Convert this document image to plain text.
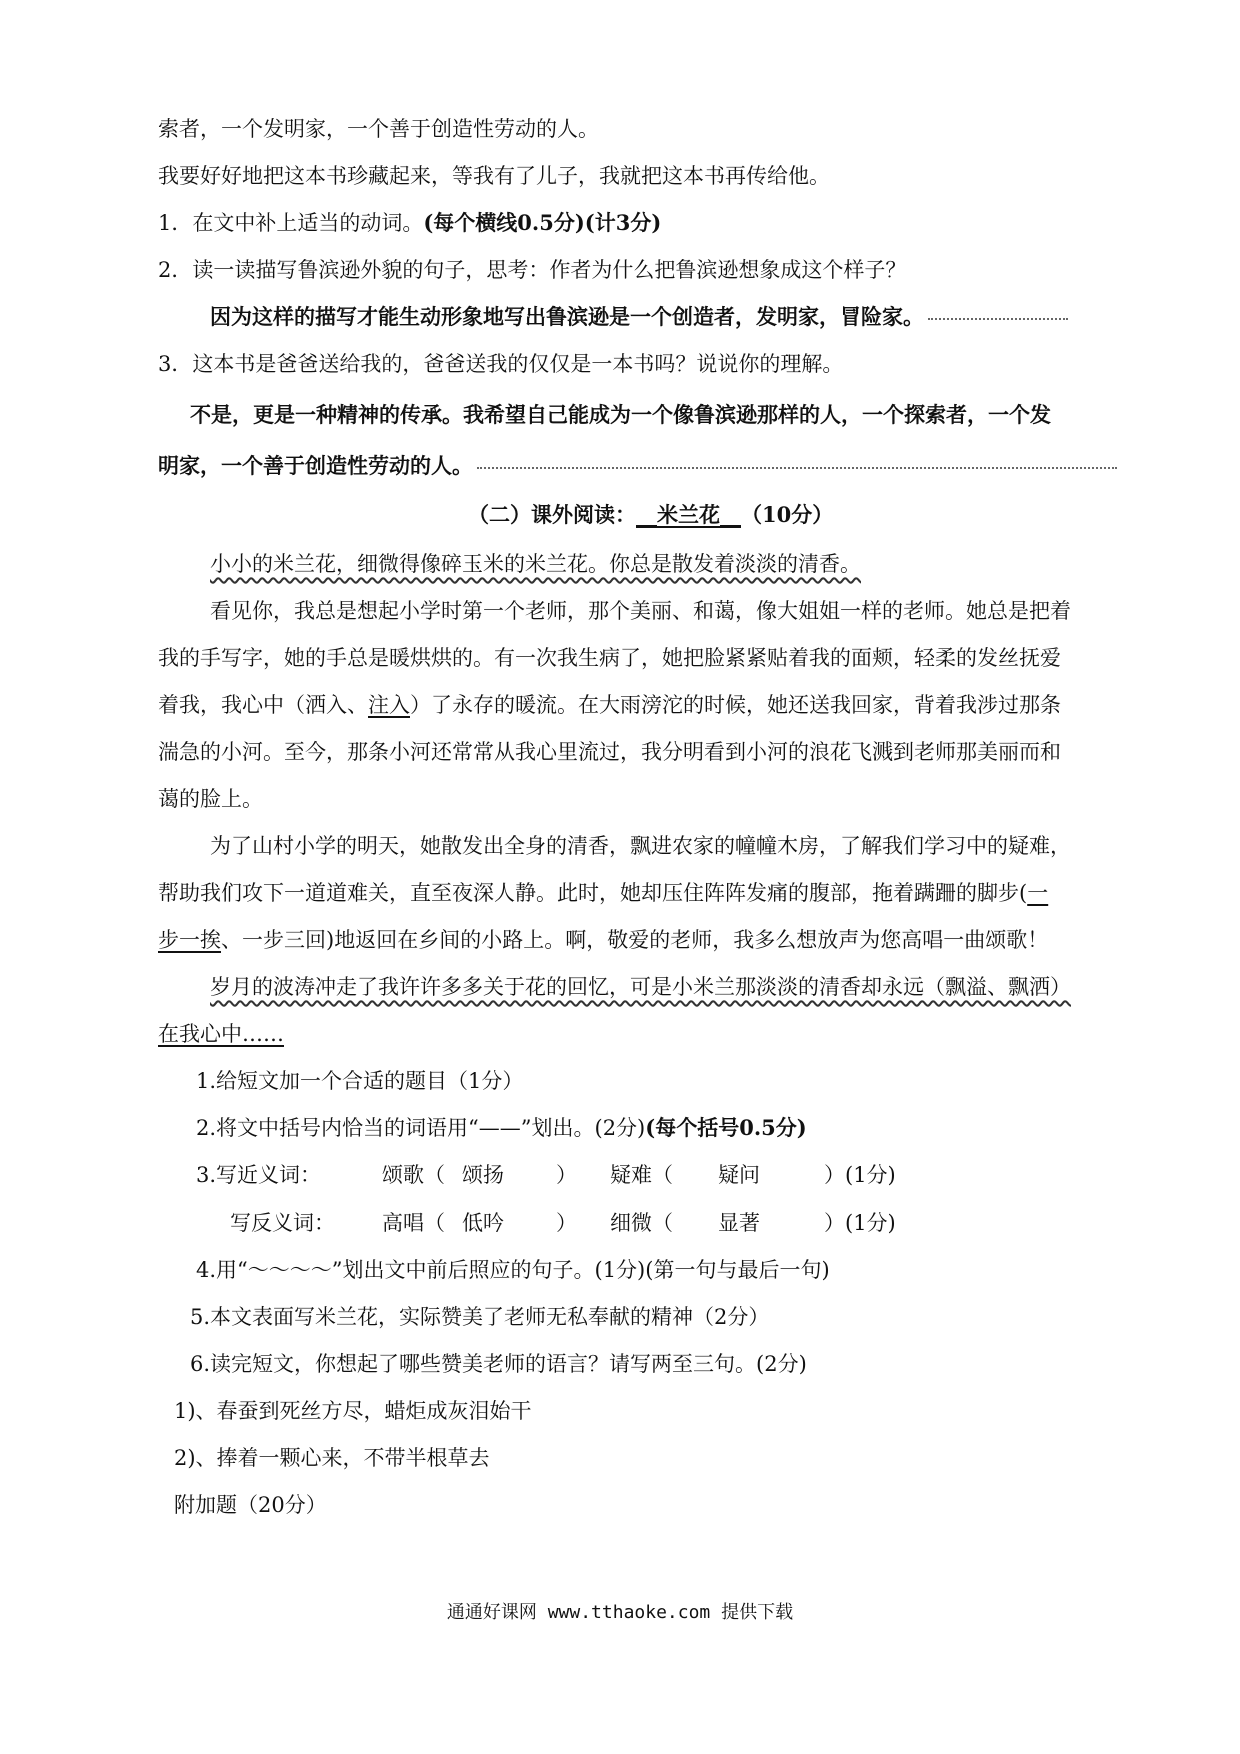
索者，一个发明家，一个善于创造性劳动的人。
我要好好地把这本书珍藏起来，等我有了儿子，我就把这本书再传给他。
1．在文中补上适当的动词。(每个横线0.5分)(计3分)
2．读一读描写鲁滨逊外貌的句子，思考：作者为什么把鲁滨逊想象成这个样子？
因为这样的描写才能生动形象地写出鲁滨逊是一个创造者，发明家，冒险家。
3．这本书是爸爸送给我的，爸爸送我的仅仅是一本书吗？说说你的理解。
不是，更是一种精神的传承。我希望自己能成为一个像鲁滨逊那样的人，一个探索者，一个发
明家，一个善于创造性劳动的人。
（二）课外阅读：__米兰花__（10分）
小小的米兰花，细微得像碎玉米的米兰花。你总是散发着淡淡的清香。
看见你，我总是想起小学时第一个老师，那个美丽、和蔼，像大姐姐一样的老师。她总是把着
我的手写字，她的手总是暖烘烘的。有一次我生病了，她把脸紧紧贴着我的面颊，轻柔的发丝抚爱
着我，我心中（洒入、注入）了永存的暖流。在大雨滂沱的时候，她还送我回家，背着我涉过那条
湍急的小河。至今，那条小河还常常从我心里流过，我分明看到小河的浪花飞溅到老师那美丽而和
蔼的脸上。
为了山村小学的明天，她散发出全身的清香，飘进农家的幢幢木房，了解我们学习中的疑难，
帮助我们攻下一道道难关，直至夜深人静。此时，她却压住阵阵发痛的腹部，拖着蹒跚的脚步(一
步一挨、一步三回)地返回在乡间的小路上。啊，敬爱的老师，我多么想放声为您高唱一曲颂歌！
岁月的波涛冲走了我许许多多关于花的回忆，可是小米兰那淡淡的清香却永远（飘溢、飘洒）
在我心中……
1.给短文加一个合适的题目（1分）
2.将文中括号内恰当的词语用“——”划出。(2分)(每个括号0.5分)
3.写近义词：	颂歌（ 颂扬 ） 疑难（ 疑问	）(1分)
写反义词： 高唱（ 低吟 ） 细微（ 显著	）(1分)
4.用“～～～～”划出文中前后照应的句子。(1分)(第一句与最后一句)
5.本文表面写米兰花，实际赞美了老师无私奉献的精神（2分）
6.读完短文，你想起了哪些赞美老师的语言？请写两至三句。(2分)
1)、春蚕到死丝方尽，蜡炬成灰泪始干
2)、捧着一颗心来，不带半根草去
附加题（20分）
通通好课网 www.tthaoke.com 提供下载
